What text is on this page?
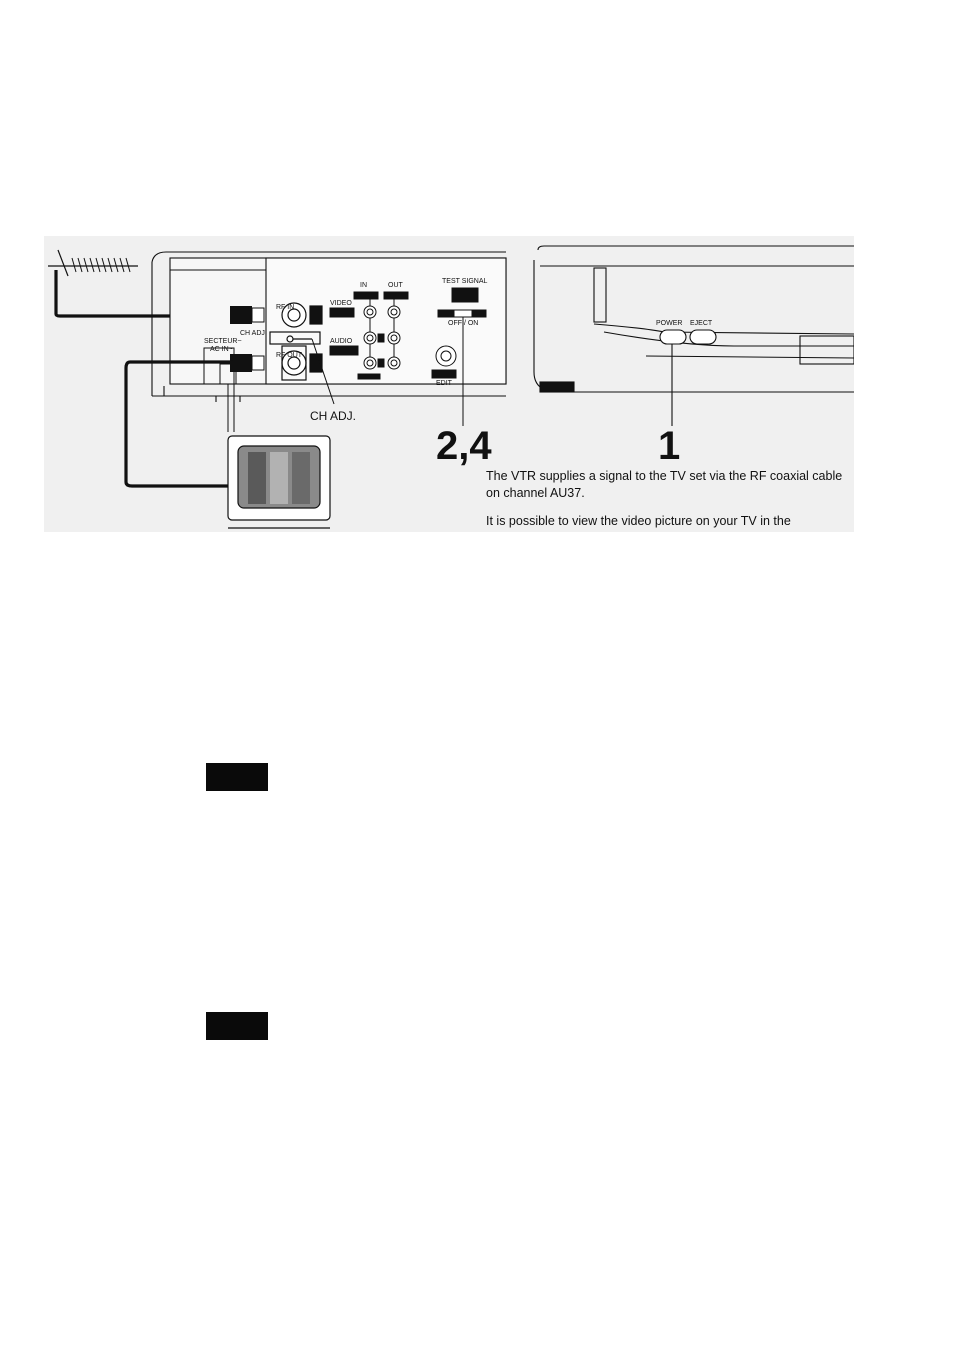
RF IN
CH ADJ
SECTEUR~
AC IN~
RF OUT
IN	OUT
VIDEO
AUDIO
TEST SIGNAL
OFF / ON
EDIT
POWER EJECT
CH ADJ.
2,4	1
The VTR supplies a signal to the TV set via the RF coaxial cable on channel AU37.
It is possible to view the video picture on your TV in the
